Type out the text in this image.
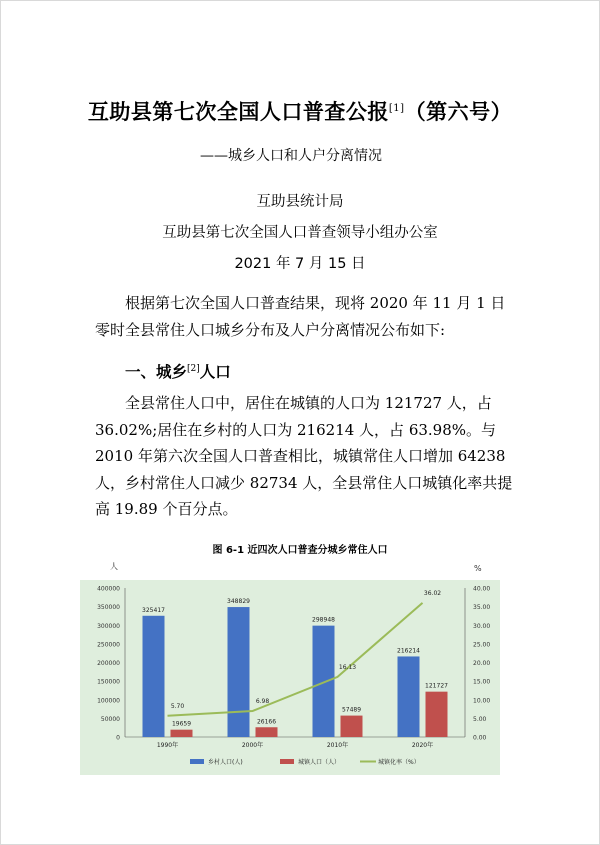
互助县第七次全国人口普查公报[1]（第六号）
——城乡人口和人户分离情况
互助县统计局
互助县第七次全国人口普查领导小组办公室
2021 年 7 月 15 日
根据第七次全国人口普查结果，现将 2020 年 11 月 1 日零时全县常住人口城乡分布及人户分离情况公布如下:
一、城乡[2]人口
全县常住人口中，居住在城镇的人口为 121727 人，占 36.02%;居住在乡村的人口为 216214 人，占 63.98%。与 2010 年第六次全国人口普查相比，城镇常住人口增加 64238 人，乡村常住人口减少 82734 人，全县常住人口城镇化率共提高 19.89 个百分点。
图 6-1 近四次人口普查分城乡常住人口
人	%
0	0.00
50000	5.00
100000	10.00
150000	15.00
200000	20.00
250000	25.00
300000	30.00
350000	35.00
400000	40.00
325417
19659
1990年
348829
26166
2000年
298948
57489
2010年
216214
121727
2020年
5.70
6.98
16.13
36.02
乡村人口(人)	城镇人口（人）	城镇化率（%）
